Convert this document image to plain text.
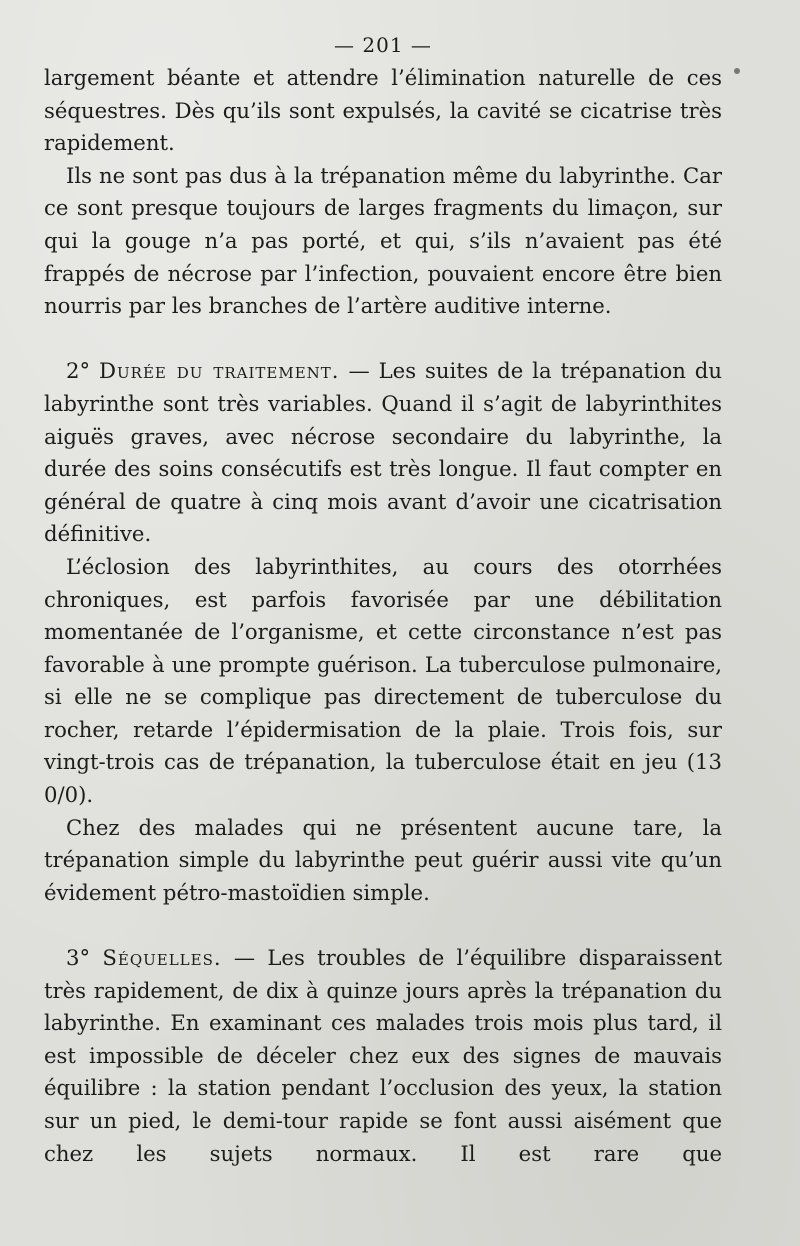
— 201 —

largement béante et attendre l’élimination naturelle de ces séquestres. Dès qu’ils sont expulsés, la cavité se cicatrise très rapidement.

Ils ne sont pas dus à la trépanation même du labyrinthe. Car ce sont presque toujours de larges fragments du limaçon, sur qui la gouge n’a pas porté, et qui, s’ils n’avaient pas été frappés de nécrose par l’infection, pouvaient encore être bien nourris par les branches de l’artère auditive interne.

2° Durée du traitement. — Les suites de la trépanation du labyrinthe sont très variables. Quand il s’agit de labyrinthites aiguës graves, avec nécrose secondaire du labyrinthe, la durée des soins consécutifs est très longue. Il faut compter en général de quatre à cinq mois avant d’avoir une cicatrisation définitive.

L’éclosion des labyrinthites, au cours des otorrhées chroniques, est parfois favorisée par une débilitation momentanée de l’organisme, et cette circonstance n’est pas favorable à une prompte guérison. La tuberculose pulmonaire, si elle ne se complique pas directement de tuberculose du rocher, retarde l’épidermisation de la plaie. Trois fois, sur vingt-trois cas de trépanation, la tuberculose était en jeu (13 0/0).

Chez des malades qui ne présentent aucune tare, la trépanation simple du labyrinthe peut guérir aussi vite qu’un évidement pétro-mastoïdien simple.

3° Séquelles. — Les troubles de l’équilibre disparaissent très rapidement, de dix à quinze jours après la trépanation du labyrinthe. En examinant ces malades trois mois plus tard, il est impossible de déceler chez eux des signes de mauvais équilibre : la station pendant l’occlusion des yeux, la station sur un pied, le demi-tour rapide se font aussi aisément que chez les sujets normaux. Il est rare que
